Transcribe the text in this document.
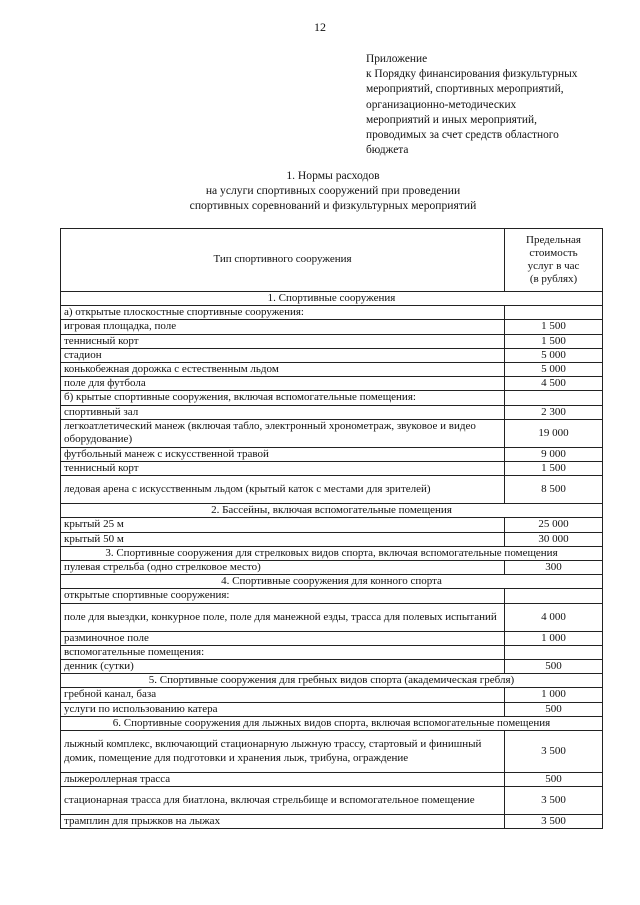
12
Приложение
к Порядку финансирования физкультурных
мероприятий, спортивных мероприятий,
организационно-методических
мероприятий и иных мероприятий,
проводимых за счет средств областного
бюджета
1. Нормы расходов
на услуги спортивных сооружений при проведении
спортивных соревнований и физкультурных мероприятий
Тип спортивного сооружения	Предельная
стоимость
услуг в час
(в рублях)

1. Спортивные сооружения	
а) открытые плоскостные спортивные сооружения:	
игровая площадка, поле	1 500
теннисный корт	1 500
стадион	5 000
конькобежная дорожка с естественным льдом	5 000
поле для футбола	4 500
б) крытые спортивные сооружения, включая вспомогательные помещения:	
спортивный зал	2 300
легкоатлетический манеж (включая табло, электронный хронометраж, звуковое и видео оборудование)	19 000
футбольный манеж с искусственной травой	9 000
теннисный корт	1 500
ледовая арена с искусственным льдом (крытый каток с местами для зрителей)	8 500
2. Бассейны, включая вспомогательные помещения	
крытый 25 м	25 000
крытый 50 м	30 000
3. Спортивные сооружения для стрелковых видов спорта, включая вспомогательные помещения	
пулевая стрельба (одно стрелковое место)	300
4. Спортивные сооружения для конного спорта	
открытые спортивные сооружения:	
поле для выездки, конкурное поле, поле для манежной езды, трасса для полевых испытаний	4 000
разминочное поле	1 000
вспомогательные помещения:	
денник (сутки)	500
5. Спортивные сооружения для гребных видов спорта (академическая гребля)	
гребной канал, база	1 000
услуги по использованию катера	500
6. Спортивные сооружения для лыжных видов спорта, включая вспомогательные помещения	
лыжный комплекс, включающий стационарную лыжную трассу, стартовый и финишный домик, помещение для подготовки и хранения лыж, трибуна, ограждение	3 500
лыжероллерная трасса	500
стационарная трасса для биатлона, включая стрельбище и вспомогательное помещение	3 500
трамплин для прыжков на лыжах	3 500
